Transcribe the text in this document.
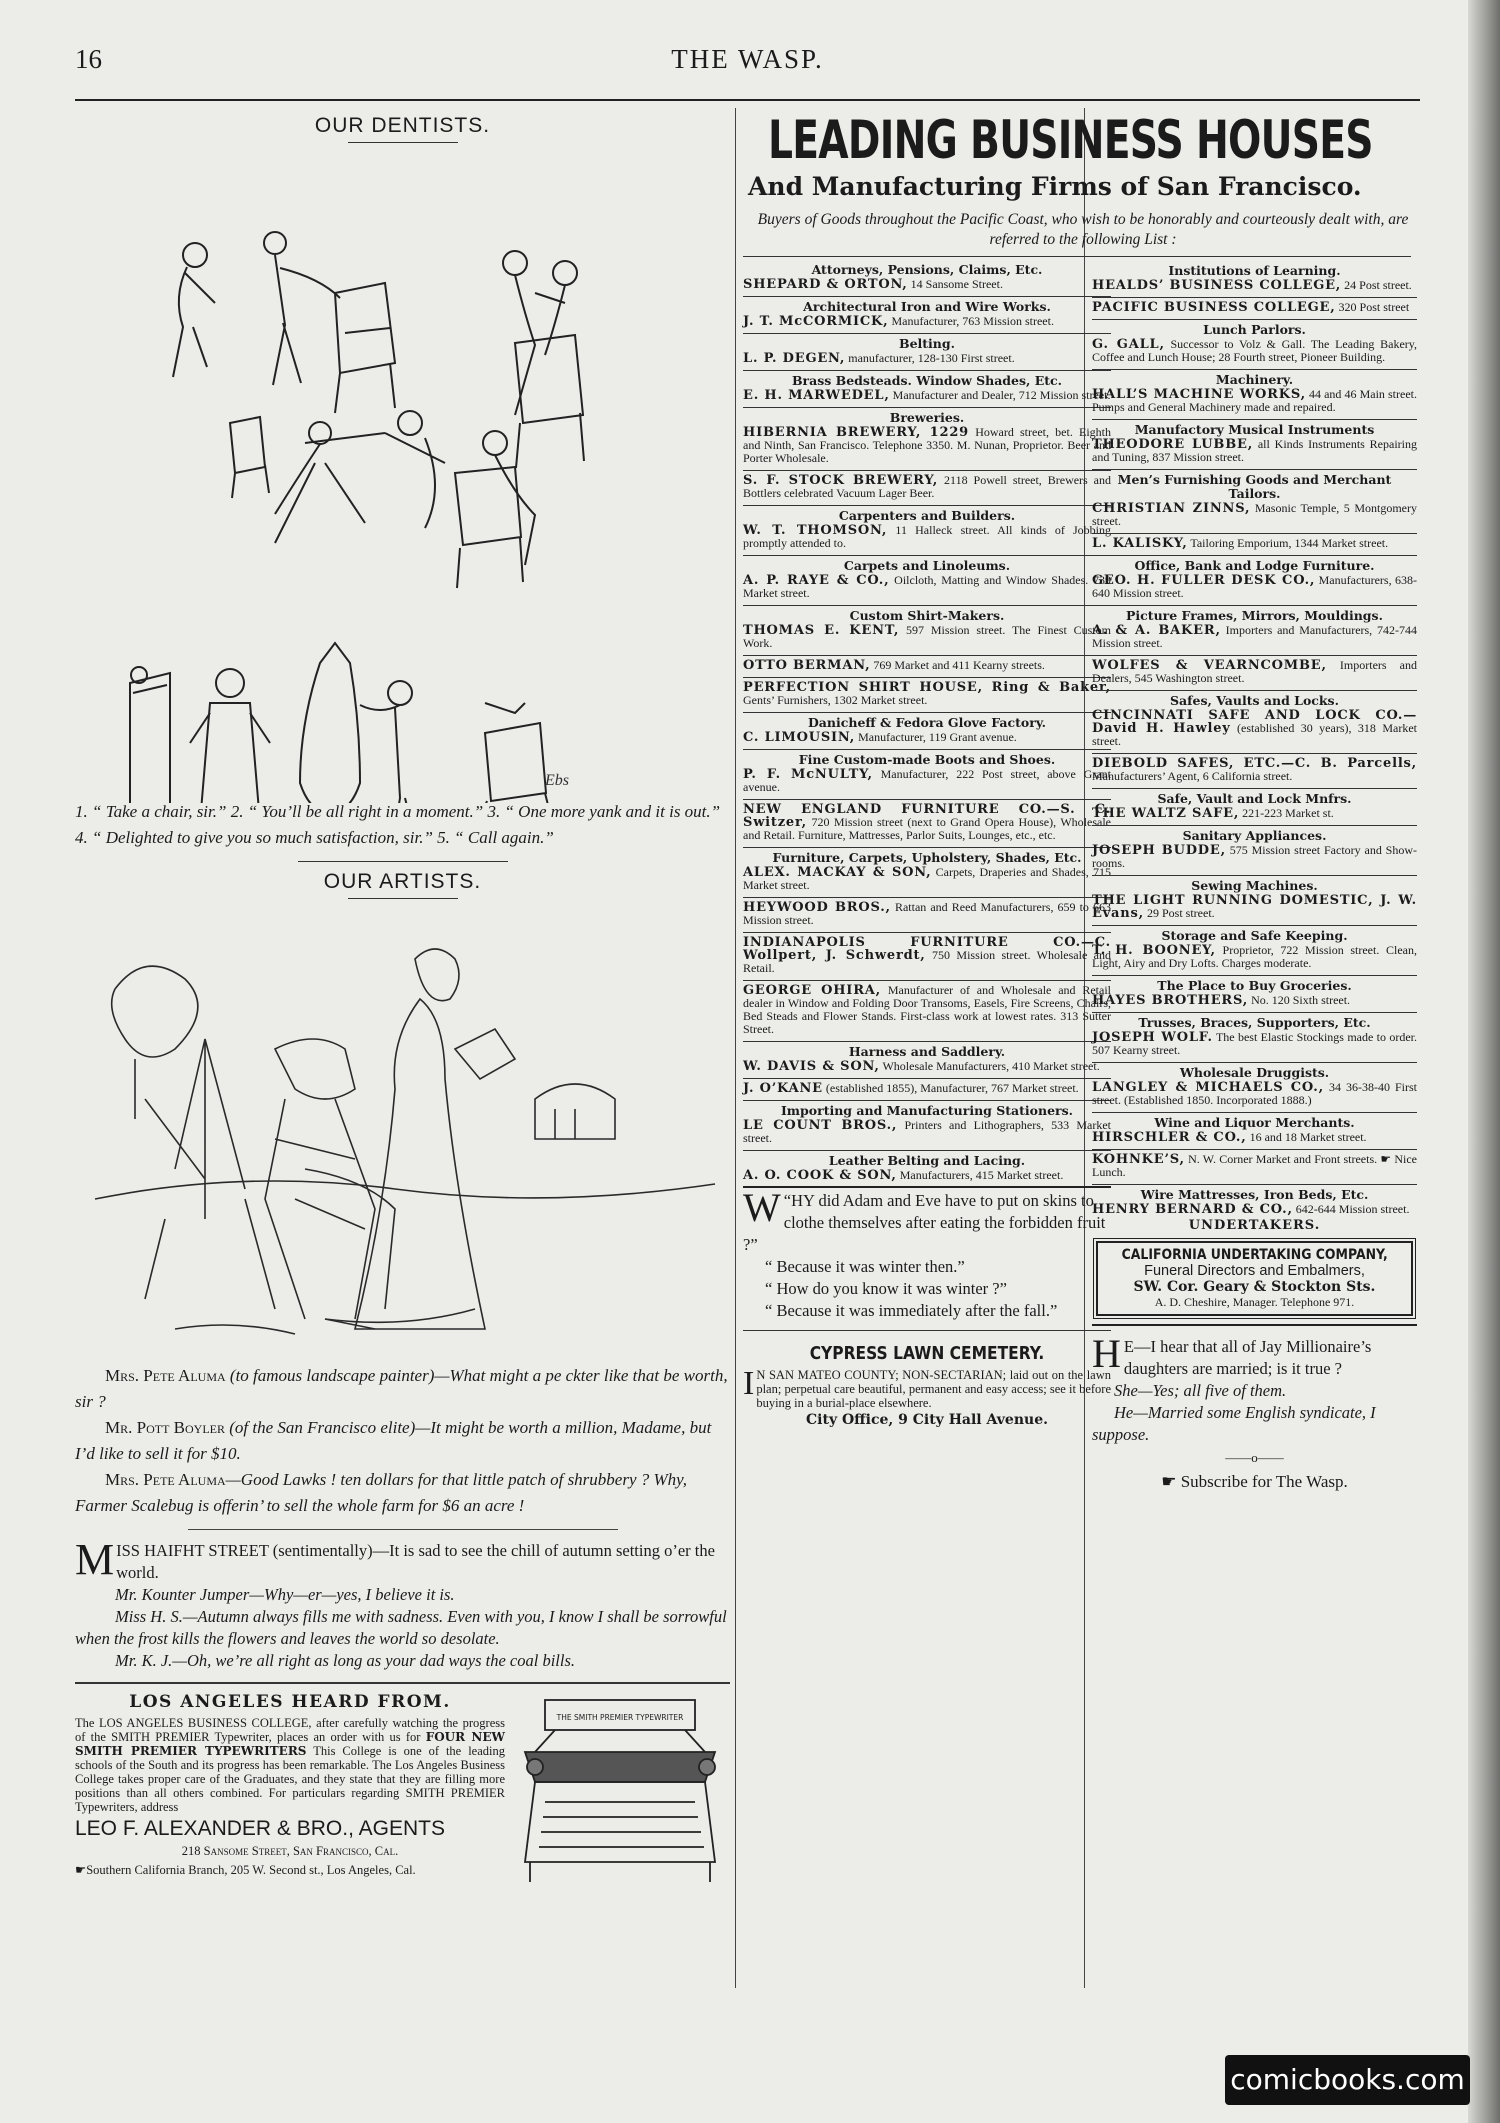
16	THE WASP.
OUR DENTISTS.
Ebs
1. “ Take a chair, sir.” 2. “ You’ll be all right in a moment.” 3. “ One more yank and it is out.” 4. “ Delighted to give you so much satisfaction, sir.” 5. “ Call again.”
OUR ARTISTS.

Mrs. Pete Aluma (to famous landscape painter)—What might a pe ckter like that be worth, sir ?

Mr. Pott Boyler (of the San Francisco elite)—It might be worth a million, Madame, but I’d like to sell it for $10.

Mrs. Pete Aluma—Good Lawks ! ten dollars for that little patch of shrubbery ? Why, Farmer Scalebug is offerin’ to sell the whole farm for $6 an acre !

MISS HAIFHT STREET (sentimentally)—It is sad to see the chill of autumn setting o’er the world.

Mr. Kounter Jumper—Why—er—yes, I believe it is.

Miss H. S.—Autumn always fills me with sadness. Even with you, I know I shall be sorrowful when the frost kills the flowers and leaves the world so desolate.

Mr. K. J.—Oh, we’re all right as long as your dad ways the coal bills.

LOS ANGELES HEARD FROM.
The LOS ANGELES BUSINESS COLLEGE, after carefully watching the progress of the SMITH PREMIER Typewriter, places an order with us for FOUR NEW SMITH PREMIER TYPEWRITERS This College is one of the leading schools of the South and its progress has been remarkable. The Los Angeles Business College takes proper care of the Graduates, and they state that they are filling more positions than all others combined. For particulars regarding SMITH PREMIER Typewriters, address
LEO F. ALEXANDER & BRO., AGENTS
218 Sansome Street, San Francisco, Cal.
☛Southern California Branch, 205 W. Second st., Los Angeles, Cal.
THE SMITH PREMIER TYPEWRITER
LEADING BUSINESS HOUSES
And Manufacturing Firms of San Francisco.
Buyers of Goods throughout the Pacific Coast, who wish to be honorably and courteously dealt with, are referred to the following List :
Attorneys, Pensions, Claims, Etc.
SHEPARD & ORTON, 14 Sansome Street.
Architectural Iron and Wire Works.
J. T. McCORMICK, Manufacturer, 763 Mission street.
Belting.
L. P. DEGEN, manufacturer, 128-130 First street.
Brass Bedsteads. Window Shades, Etc.
E. H. MARWEDEL, Manufacturer and Dealer, 712 Mission street.
Breweries.
HIBERNIA BREWERY, 1229 Howard street, bet. Eighth and Ninth, San Francisco. Telephone 3350. M. Nunan, Proprietor. Beer and Porter Wholesale.
S. F. STOCK BREWERY, 2118 Powell street, Brewers and Bottlers celebrated Vacuum Lager Beer.
Carpenters and Builders.
W. T. THOMSON, 11 Halleck street. All kinds of Jobbing promptly attended to.
Carpets and Linoleums.
A. P. RAYE & CO., Oilcloth, Matting and Window Shades. 739 Market street.
Custom Shirt-Makers.
THOMAS E. KENT, 597 Mission street. The Finest Custom Work.
OTTO BERMAN, 769 Market and 411 Kearny streets.
PERFECTION SHIRT HOUSE, Ring & Baker, Gents’ Furnishers, 1302 Market street.
Danicheff & Fedora Glove Factory.
C. LIMOUSIN, Manufacturer, 119 Grant avenue.
Fine Custom-made Boots and Shoes.
P. F. McNULTY, Manufacturer, 222 Post street, above Grant avenue.
NEW ENGLAND FURNITURE CO.—S. C. Switzer, 720 Mission street (next to Grand Opera House), Wholesale and Retail. Furniture, Mattresses, Parlor Suits, Lounges, etc., etc.
Furniture, Carpets, Upholstery, Shades, Etc.
ALEX. MACKAY & SON, Carpets, Draperies and Shades, 715 Market street.
HEYWOOD BROS., Rattan and Reed Manufacturers, 659 to 663 Mission street.
INDIANAPOLIS FURNITURE CO.—C. Wollpert, J. Schwerdt, 750 Mission street. Wholesale and Retail.
GEORGE OHIRA, Manufacturer of and Wholesale and Retail dealer in Window and Folding Door Transoms, Easels, Fire Screens, Chairs, Bed Steads and Flower Stands. First-class work at lowest rates. 313 Sutter Street.
Harness and Saddlery.
W. DAVIS & SON, Wholesale Manufacturers, 410 Market street.
J. O’KANE (established 1855), Manufacturer, 767 Market street.
Importing and Manufacturing Stationers.
LE COUNT BROS., Printers and Lithographers, 533 Market street.
Leather Belting and Lacing.
A. O. COOK & SON, Manufacturers, 415 Market street.

“
W HY did Adam and Eve have to put on skins to clothe themselves after eating the forbidden fruit ?”

“ Because it was winter then.”

“ How do you know it was winter ?”

“ Because it was immediately after the fall.”

CYPRESS LAWN CEMETERY.
I N SAN MATEO COUNTY; NON-SECTARIAN; laid out on the lawn plan; perpetual care beautiful, permanent and easy access; see it before buying in a burial-place elsewhere.
City Office, 9 City Hall Avenue.
Institutions of Learning.
HEALDS’ BUSINESS COLLEGE, 24 Post street.
PACIFIC BUSINESS COLLEGE, 320 Post street
Lunch Parlors.
G. GALL, Successor to Volz & Gall. The Leading Bakery, Coffee and Lunch House; 28 Fourth street, Pioneer Building.
Machinery.
HALL’S MACHINE WORKS, 44 and 46 Main street. Pumps and General Machinery made and repaired.
Manufactory Musical Instruments
THEODORE LUBBE, all Kinds Instruments Repairing and Tuning, 837 Mission street.
Men’s Furnishing Goods and Merchant Tailors.
CHRISTIAN ZINNS, Masonic Temple, 5 Montgomery street.
L. KALISKY, Tailoring Emporium, 1344 Market street.
Office, Bank and Lodge Furniture.
GEO. H. FULLER DESK CO., Manufacturers, 638-640 Mission street.
Picture Frames, Mirrors, Mouldings.
A. & A. BAKER, Importers and Manufacturers, 742-744 Mission street.
WOLFES & VEARNCOMBE, Importers and Dealers, 545 Washington street.
Safes, Vaults and Locks.
CINCINNATI SAFE AND LOCK CO.—David H. Hawley (established 30 years), 318 Market street.
DIEBOLD SAFES, ETC.—C. B. Parcells, Manufacturers’ Agent, 6 California street.
Safe, Vault and Lock Mnfrs.
THE WALTZ SAFE, 221-223 Market st.
Sanitary Appliances.
JOSEPH BUDDE, 575 Mission street Factory and Show-rooms.
Sewing Machines.
THE LIGHT RUNNING DOMESTIC, J. W. Evans, 29 Post street.
Storage and Safe Keeping.
T. H. BOONEY, Proprietor, 722 Mission street. Clean, Light, Airy and Dry Lofts. Charges moderate.
The Place to Buy Groceries.
HAYES BROTHERS, No. 120 Sixth street.
Trusses, Braces, Supporters, Etc.
JOSEPH WOLF. The best Elastic Stockings made to order. 507 Kearny street.
Wholesale Druggists.
LANGLEY & MICHAELS CO., 34 36-38-40 First street. (Established 1850. Incorporated 1888.)
Wine and Liquor Merchants.
HIRSCHLER & CO., 16 and 18 Market street.
KOHNKE’S, N. W. Corner Market and Front streets. ☛ Nice Lunch.
Wire Mattresses, Iron Beds, Etc.
HENRY BERNARD & CO., 642-644 Mission street.
UNDERTAKERS.
CALIFORNIA UNDERTAKING COMPANY,
Funeral Directors and Embalmers,
SW. Cor. Geary & Stockton Sts.
A. D. Cheshire, Manager. Telephone 971.

H E—I hear that all of Jay Millionaire’s daughters are married; is it true ?

She—Yes; all five of them.

He—Married some English syndicate, I suppose.

——o——
☛ Subscribe for The Wasp.
comicbooks.com
